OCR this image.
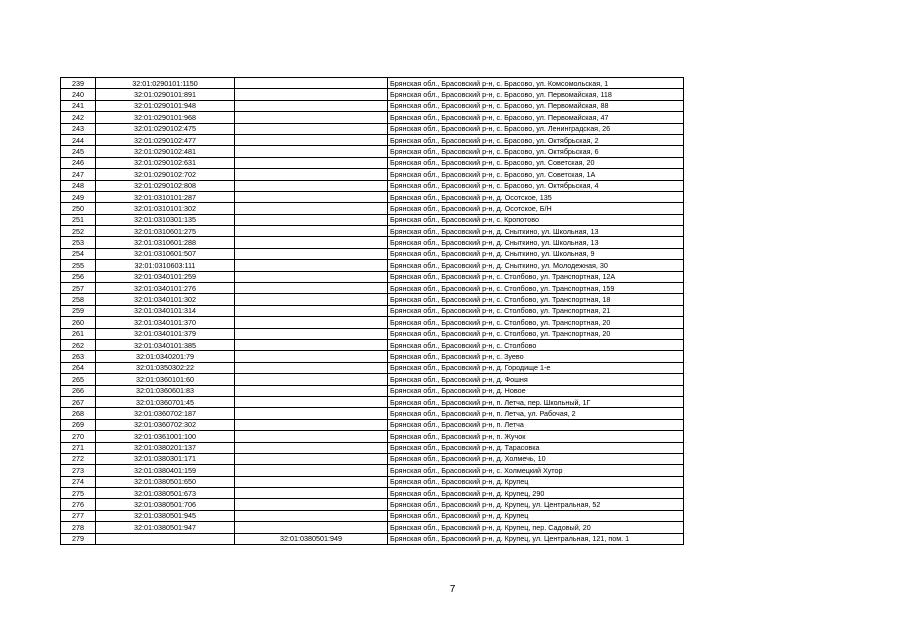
239	32:01:0290101:1150		Брянская обл., Брасовский р-н, с. Брасово, ул. Комсомольская, 1
240	32:01:0290101:891		Брянская обл., Брасовский р-н, с. Брасово, ул. Первомайская, 118
241	32:01:0290101:948		Брянская обл., Брасовский р-н, с. Брасово, ул. Первомайская, 88
242	32:01:0290101:968		Брянская обл., Брасовский р-н, с. Брасово, ул. Первомайская, 47
243	32:01:0290102:475		Брянская обл., Брасовский р-н, с. Брасово, ул. Ленинградская, 26
244	32:01:0290102:477		Брянская обл., Брасовский р-н, с. Брасово, ул. Октябрьская, 2
245	32:01:0290102:481		Брянская обл., Брасовский р-н, с. Брасово, ул. Октябрьская, 6
246	32:01:0290102:631		Брянская обл., Брасовский р-н, с. Брасово, ул. Советская, 20
247	32:01:0290102:702		Брянская обл., Брасовский р-н, с. Брасово, ул. Советская, 1А
248	32:01:0290102:808		Брянская обл., Брасовский р-н, с. Брасово, ул. Октябрьская, 4
249	32:01:0310101:287		Брянская обл., Брасовский р-н, д. Осотское, 135
250	32:01:0310101:302		Брянская обл., Брасовский р-н, д. Осотское, Б/Н
251	32:01:0310301:135		Брянская обл., Брасовский р-н, с. Кропотово
252	32:01:0310601:275		Брянская обл., Брасовский р-н, д. Сныткино, ул. Школьная, 13
253	32:01:0310601:288		Брянская обл., Брасовский р-н, д. Сныткино, ул. Школьная, 13
254	32:01:0310601:507		Брянская обл., Брасовский р-н, д. Сныткино, ул. Школьная, 9
255	32:01:0310603:111		Брянская обл., Брасовский р-н, д. Сныткино, ул. Молодежная, 30
256	32:01:0340101:259		Брянская обл., Брасовский р-н, с. Столбово, ул. Транспортная, 12А
257	32:01:0340101:276		Брянская обл., Брасовский р-н, с. Столбово, ул. Транспортная, 159
258	32:01:0340101:302		Брянская обл., Брасовский р-н, с. Столбово, ул. Транспортная, 18
259	32:01:0340101:314		Брянская обл., Брасовский р-н, с. Столбово, ул. Транспортная, 21
260	32:01:0340101:370		Брянская обл., Брасовский р-н, с. Столбово, ул. Транспортная, 20
261	32:01:0340101:379		Брянская обл., Брасовский р-н, с. Столбово, ул. Транспортная, 20
262	32:01:0340101:385		Брянская обл., Брасовский р-н, с. Столбово
263	32:01:0340201:79		Брянская обл., Брасовский р-н, с. Зуево
264	32:01:0350302:22		Брянская обл., Брасовский р-н, д. Городище 1-е
265	32:01:0360101:60		Брянская обл., Брасовский р-н, д. Фошня
266	32:01:0360601:83		Брянская обл., Брасовский р-н, д. Новое
267	32:01:0360701:45		Брянская обл., Брасовский р-н, п. Летча, пер. Школьный, 1Г
268	32:01:0360702:187		Брянская обл., Брасовский р-н, п. Летча, ул. Рабочая, 2
269	32:01:0360702:302		Брянская обл., Брасовский р-н, п. Летча
270	32:01:0361001:100		Брянская обл., Брасовский р-н, п. Жучок
271	32:01:0380201:137		Брянская обл., Брасовский р-н, д. Тарасовка
272	32:01:0380301:171		Брянская обл., Брасовский р-н, д. Холмечь, 10
273	32:01:0380401:159		Брянская обл., Брасовский р-н, с. Холмецкий Хутор
274	32:01:0380501:650		Брянская обл., Брасовский р-н, д. Крупец
275	32:01:0380501:673		Брянская обл., Брасовский р-н, д. Крупец, 290
276	32:01:0380501:706		Брянская обл., Брасовский р-н, д. Крупец, ул. Центральная, 52
277	32:01:0380501:945		Брянская обл., Брасовский р-н, д. Крупец
278	32:01:0380501:947		Брянская обл., Брасовский р-н, д. Крупец, пер. Садовый, 20
279		32:01:0380501:949	Брянская обл., Брасовский р-н, д. Крупец, ул. Центральная, 121, пом. 1
7
